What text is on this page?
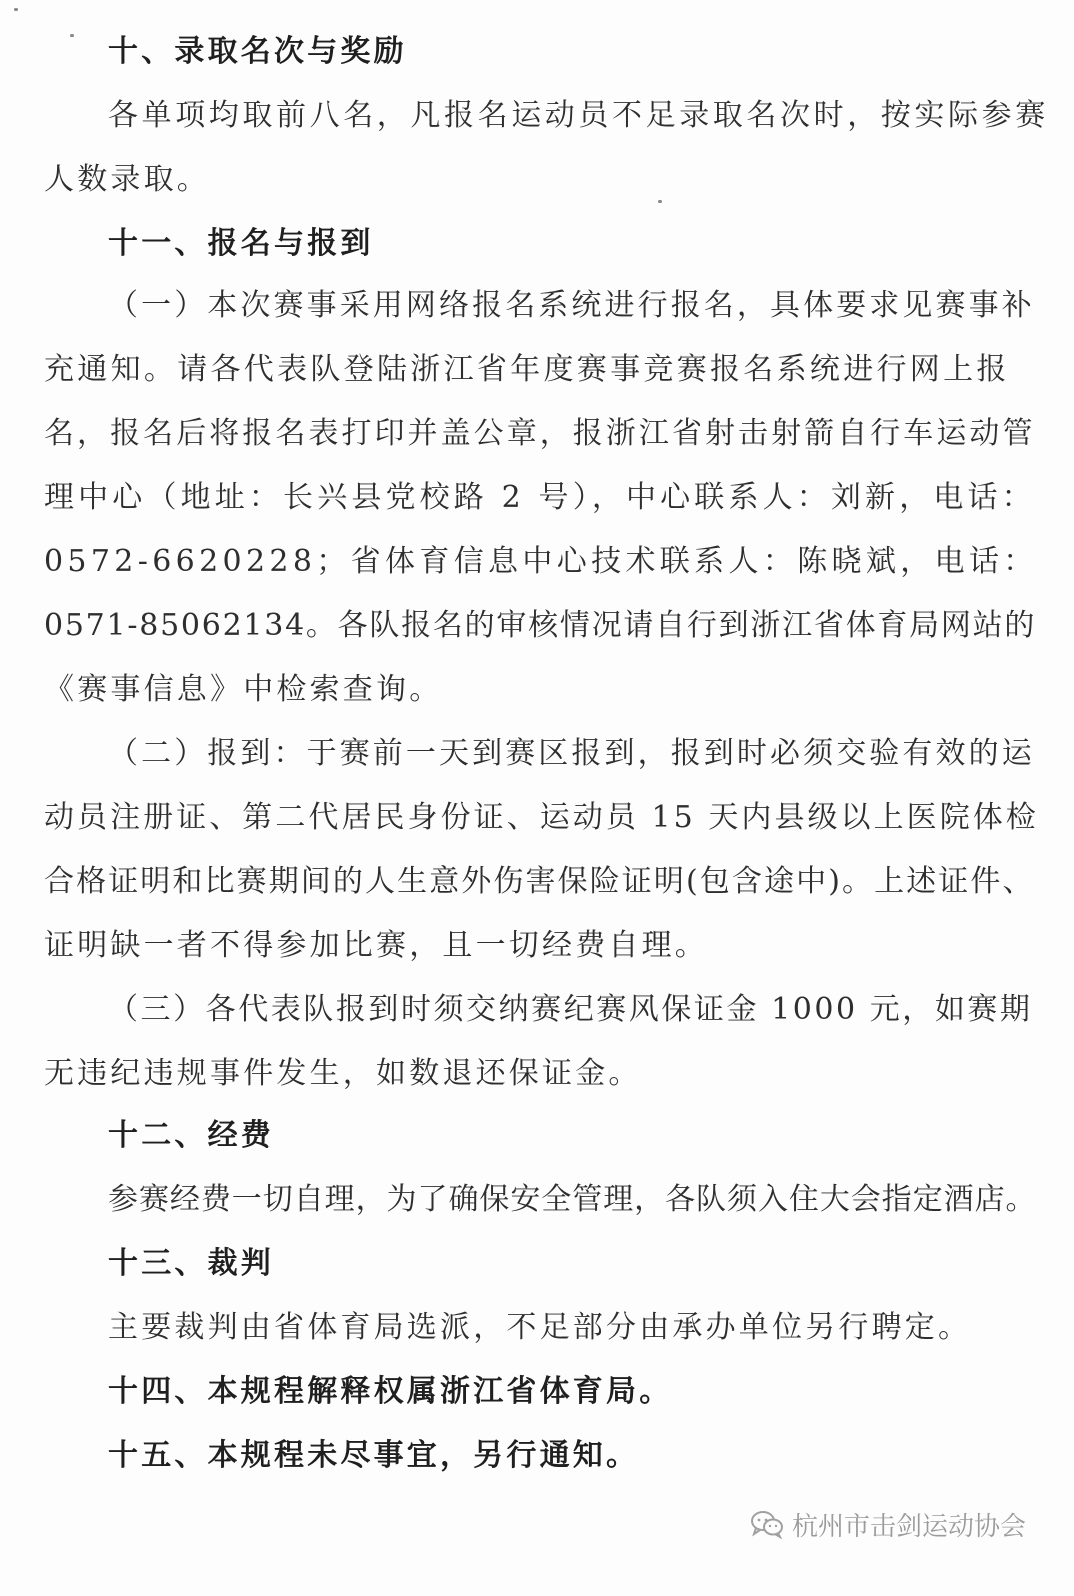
十、录取名次与奖励
各单项均取前八名，凡报名运动员不足录取名次时，按实际参赛
人数录取。
十一、报名与报到
（一）本次赛事采用网络报名系统进行报名，具体要求见赛事补
充通知。请各代表队登陆浙江省年度赛事竞赛报名系统进行网上报
名，报名后将报名表打印并盖公章，报浙江省射击射箭自行车运动管
理中心（地址：长兴县党校路 2 号），中心联系人：刘新，电话：
0572-6620228；省体育信息中心技术联系人：陈晓斌，电话：
0571-85062134。各队报名的审核情况请自行到浙江省体育局网站的
《赛事信息》中检索查询。
（二）报到：于赛前一天到赛区报到，报到时必须交验有效的运
动员注册证、第二代居民身份证、运动员 15 天内县级以上医院体检
合格证明和比赛期间的人生意外伤害保险证明(包含途中)。上述证件、
证明缺一者不得参加比赛，且一切经费自理。
（三）各代表队报到时须交纳赛纪赛风保证金 1000 元，如赛期
无违纪违规事件发生，如数退还保证金。
十二、经费
参赛经费一切自理，为了确保安全管理，各队须入住大会指定酒店。
十三、裁判
主要裁判由省体育局选派，不足部分由承办单位另行聘定。
十四、本规程解释权属浙江省体育局。
十五、本规程未尽事宜，另行通知。
杭州市击剑运动协会
